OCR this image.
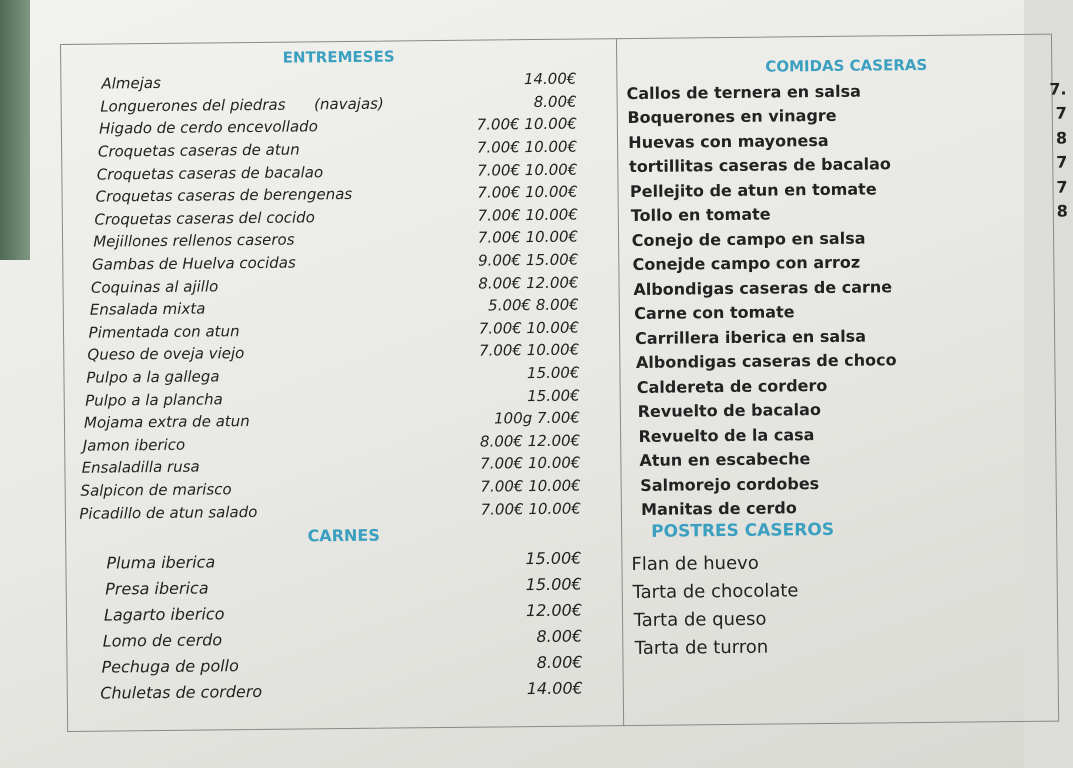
ENTREMESES
Almejas	14.00€
Longuerones del piedras      (navajas)	8.00€
Higado de cerdo encevollado	7.00€ 10.00€
Croquetas caseras de atun	7.00€ 10.00€
Croquetas caseras de bacalao	7.00€ 10.00€
Croquetas caseras de berengenas	7.00€ 10.00€
Croquetas caseras del cocido	7.00€ 10.00€
Mejillones rellenos caseros	7.00€ 10.00€
Gambas de Huelva cocidas	9.00€ 15.00€
Coquinas al ajillo	8.00€ 12.00€
Ensalada mixta	5.00€ 8.00€
Pimentada con atun	7.00€ 10.00€
Queso de oveja viejo	7.00€ 10.00€
Pulpo a la gallega	15.00€
Pulpo a la plancha	15.00€
Mojama extra de atun	100g 7.00€
Jamon iberico	8.00€ 12.00€
Ensaladilla rusa	7.00€ 10.00€
Salpicon de marisco	7.00€ 10.00€
Picadillo de atun salado	7.00€ 10.00€
CARNES
Pluma iberica	15.00€
Presa iberica	15.00€
Lagarto iberico	12.00€
Lomo de cerdo	8.00€
Pechuga de pollo	8.00€
Chuletas de cordero	14.00€
COMIDAS CASERAS
Callos de ternera en salsa	7.
Boquerones en vinagre	7
Huevas con mayonesa	8
tortillitas caseras de bacalao	7
Pellejito de atun en tomate	7
Tollo en tomate	8
Conejo de campo en salsa
Conejde campo con arroz
Albondigas caseras de carne
Carne con tomate
Carrillera iberica en salsa
Albondigas caseras de choco
Caldereta de cordero
Revuelto de bacalao
Revuelto de la casa
Atun en escabeche
Salmorejo cordobes
Manitas de cerdo
POSTRES CASEROS
Flan de huevo
Tarta de chocolate
Tarta de queso
Tarta de turron
